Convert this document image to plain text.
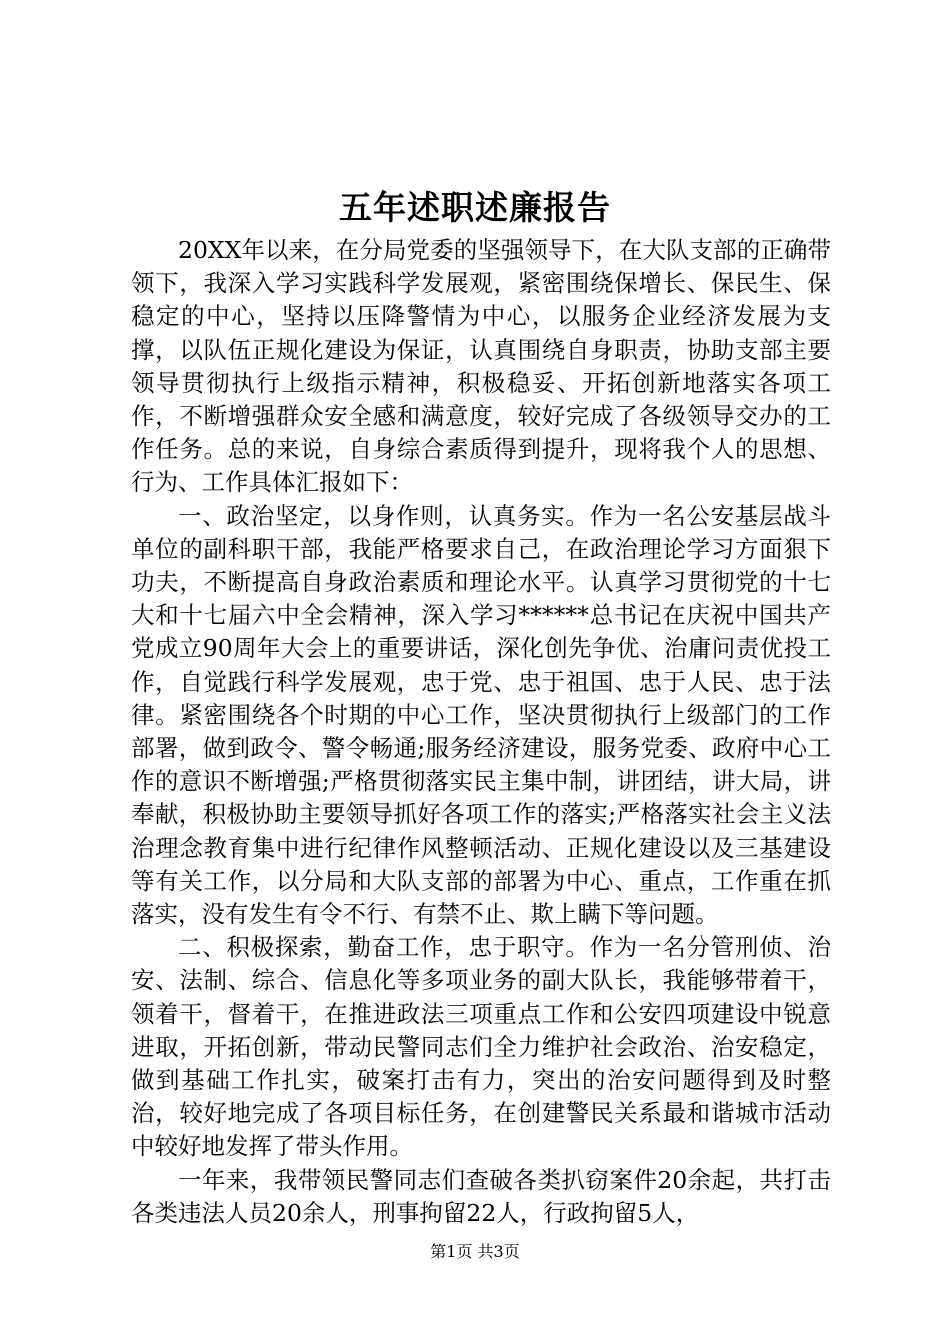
五年述职述廉报告

20XX年以来，在分局党委的坚强领导下，在大队支部的正确带领下，我深入学习实践科学发展观，紧密围绕保增长、保民生、保稳定的中心，坚持以压降警情为中心，以服务企业经济发展为支撑，以队伍正规化建设为保证，认真围绕自身职责，协助支部主要领导贯彻执行上级指示精神，积极稳妥、开拓创新地落实各项工作，不断增强群众安全感和满意度，较好完成了各级领导交办的工作任务。总的来说，自身综合素质得到提升，现将我个人的思想、行为、工作具体汇报如下：

一、政治坚定，以身作则，认真务实。作为一名公安基层战斗单位的副科职干部，我能严格要求自己，在政治理论学习方面狠下功夫，不断提高自身政治素质和理论水平。认真学习贯彻党的十七大和十七届六中全会精神，深入学习******总书记在庆祝中国共产党成立90周年大会上的重要讲话，深化创先争优、治庸问责优投工作，自觉践行科学发展观，忠于党、忠于祖国、忠于人民、忠于法律。紧密围绕各个时期的中心工作，坚决贯彻执行上级部门的工作部署，做到政令、警令畅通;服务经济建设，服务党委、政府中心工作的意识不断增强;严格贯彻落实民主集中制，讲团结，讲大局，讲奉献，积极协助主要领导抓好各项工作的落实;严格落实社会主义法治理念教育集中进行纪律作风整顿活动、正规化建设以及三基建设等有关工作，以分局和大队支部的部署为中心、重点，工作重在抓落实，没有发生有令不行、有禁不止、欺上瞒下等问题。

二、积极探索，勤奋工作，忠于职守。作为一名分管刑侦、治安、法制、综合、信息化等多项业务的副大队长，我能够带着干，领着干，督着干，在推进政法三项重点工作和公安四项建设中锐意进取，开拓创新，带动民警同志们全力维护社会政治、治安稳定，做到基础工作扎实，破案打击有力，突出的治安问题得到及时整治，较好地完成了各项目标任务，在创建警民关系最和谐城市活动中较好地发挥了带头作用。

一年来，我带领民警同志们查破各类扒窃案件20余起，共打击各类违法人员20余人，刑事拘留22人，行政拘留5人，

第1页 共3页
